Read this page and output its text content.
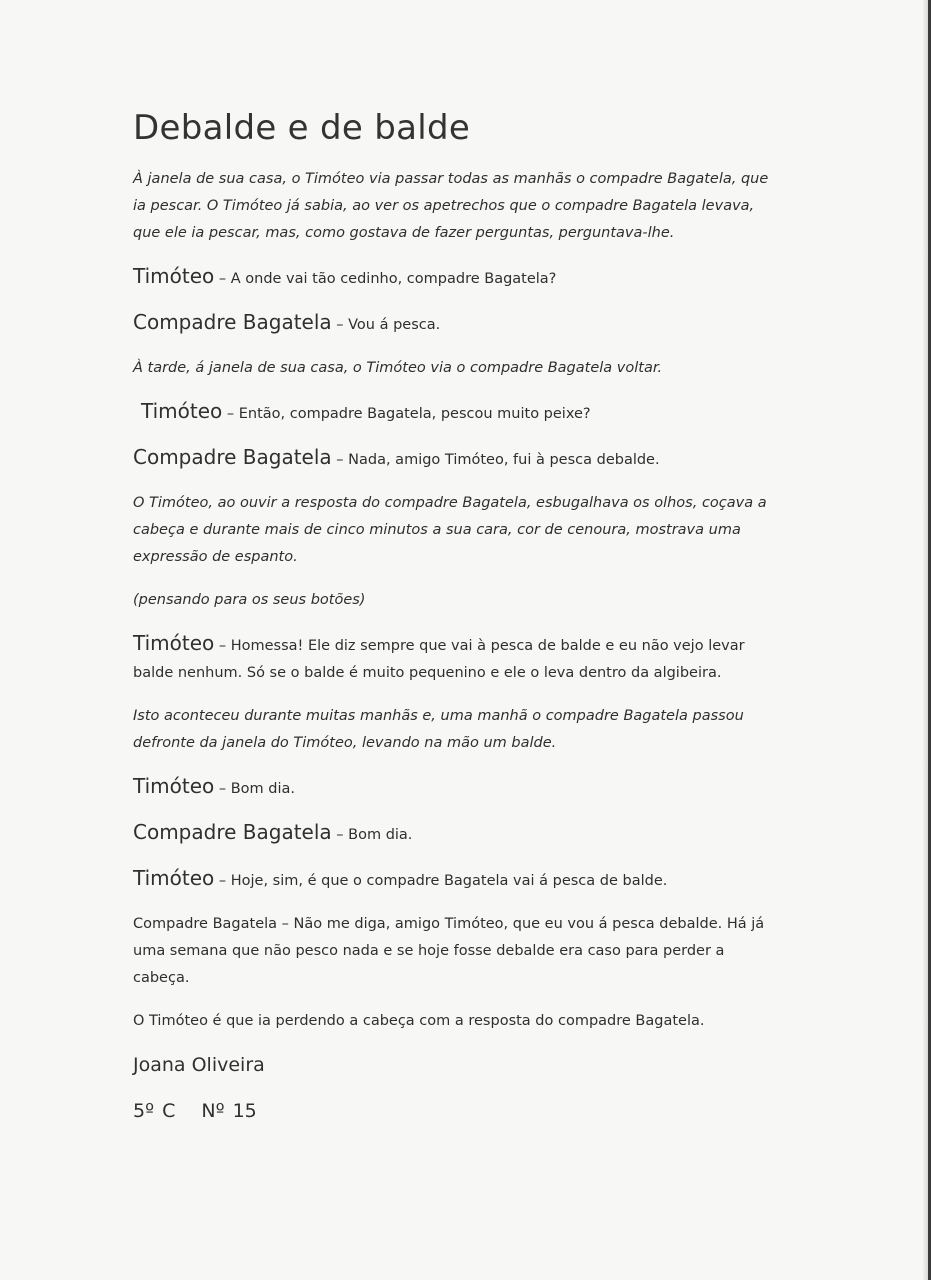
Debalde e de balde

À janela de sua casa, o Timóteo via passar todas as manhãs o compadre Bagatela, que ia pescar. O Timóteo já sabia, ao ver os apetrechos que o compadre Bagatela levava, que ele ia pescar, mas, como gostava de fazer perguntas, perguntava-lhe.

Timóteo – A onde vai tão cedinho, compadre Bagatela?

Compadre Bagatela – Vou á pesca.

À tarde, á janela de sua casa, o Timóteo via o compadre Bagatela voltar.

Timóteo – Então, compadre Bagatela, pescou muito peixe?

Compadre Bagatela – Nada, amigo Timóteo, fui à pesca debalde.

O Timóteo, ao ouvir a resposta do compadre Bagatela, esbugalhava os olhos, coçava a cabeça e durante mais de cinco minutos a sua cara, cor de cenoura, mostrava uma expressão de espanto.

(pensando para os seus botões)

Timóteo – Homessa! Ele diz sempre que vai à pesca de balde e eu não vejo levar balde nenhum. Só se o balde é muito pequenino e ele o leva dentro da algibeira.

Isto aconteceu durante muitas manhãs e, uma manhã o compadre Bagatela passou defronte da janela do Timóteo, levando na mão um balde.

Timóteo – Bom dia.

Compadre Bagatela – Bom dia.

Timóteo – Hoje, sim, é que o compadre Bagatela vai á pesca de balde.

Compadre Bagatela – Não me diga, amigo Timóteo, que eu vou á pesca debalde. Há já uma semana que não pesco nada e se hoje fosse debalde era caso para perder a cabeça.

O Timóteo é que ia perdendo a cabeça com a resposta do compadre Bagatela.

Joana Oliveira

5º C Nº 15
